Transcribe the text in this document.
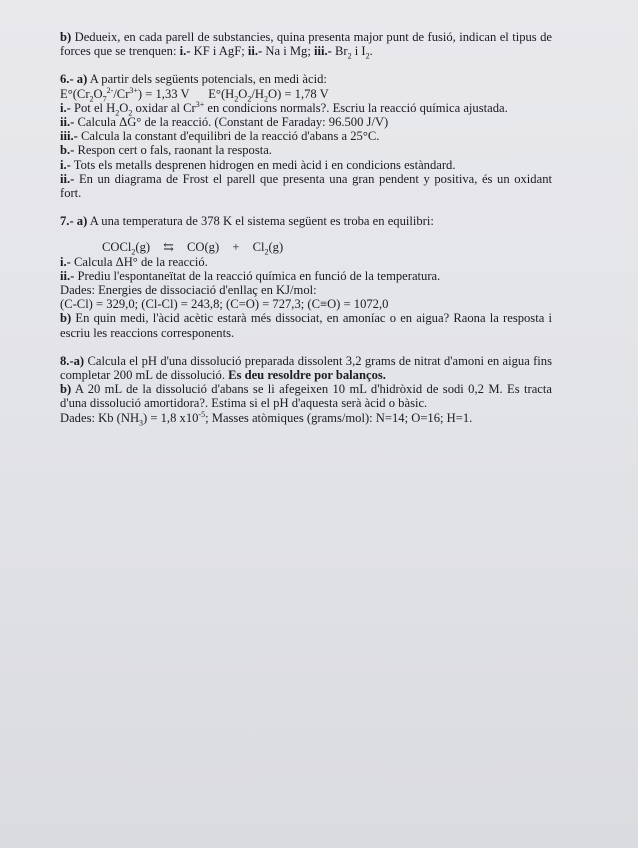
b) Dedueix, en cada parell de substancies, quina presenta major punt de fusió, indican el tipus de forces que se trenquen: i.- KF i AgF; ii.- Na i Mg; iii.- $Br_2$ i $I_2$.

6.- a) A partir dels següents potencials, en medi àcid:

$E^\circ(Cr_2O_7^{2-}/Cr^{3+}) = 1,33$ V $E^\circ(H_2O_2/H_2O) = 1,78$ V

i.- Pot el $H_2O_2$ oxidar al $Cr^{3+}$ en condicions normals?. Escriu la reacció química ajustada.

ii.- Calcula ΔG° de la reacció. (Constant de Faraday: 96.500 J/V)

iii.- Calcula la constant d'equilibri de la reacció d'abans a 25°C.

b.- Respon cert o fals, raonant la resposta.

i.- Tots els metalls desprenen hidrogen en medi àcid i en condicions estàndard.

ii.- En un diagrama de Frost el parell que presenta una gran pendent y positiva, és un oxidant fort.

7.- a) A una temperatura de 378 K el sistema següent es troba en equilibri:

COCl$_2$(g) ⇆ $CO(g) + Cl_2(g)$

i.- Calcula ΔH° de la reacció.

ii.- Prediu l'espontaneïtat de la reacció química en funció de la temperatura.

Dades: Energies de dissociació d'enllaç en KJ/mol:

(C-Cl) = 329,0; (Cl-Cl) = 243,8; (C=O) = 727,3; (C≡O) = 1072,0

b) En quin medi, l'àcid acètic estarà més dissociat, en amoníac o en aigua? Raona la resposta i escriu les reaccions corresponents.

8.-a) Calcula el pH d'una dissolució preparada dissolent 3,2 grams de nitrat d'amoni en aigua fins completar 200 mL de dissolució. Es deu resoldre por balanços.

b) A 20 mL de la dissolució d'abans se li afegeixen 10 mL d'hidròxid de sodi 0,2 M. Es tracta d'una dissolució amortidora?. Estima si el pH d'aquesta serà àcid o bàsic.

Dades: Kb $(NH_3) = 1,8$ $x10^{-5}$; Masses atòmiques (grams/mol): N=14; O=16; H=1.
